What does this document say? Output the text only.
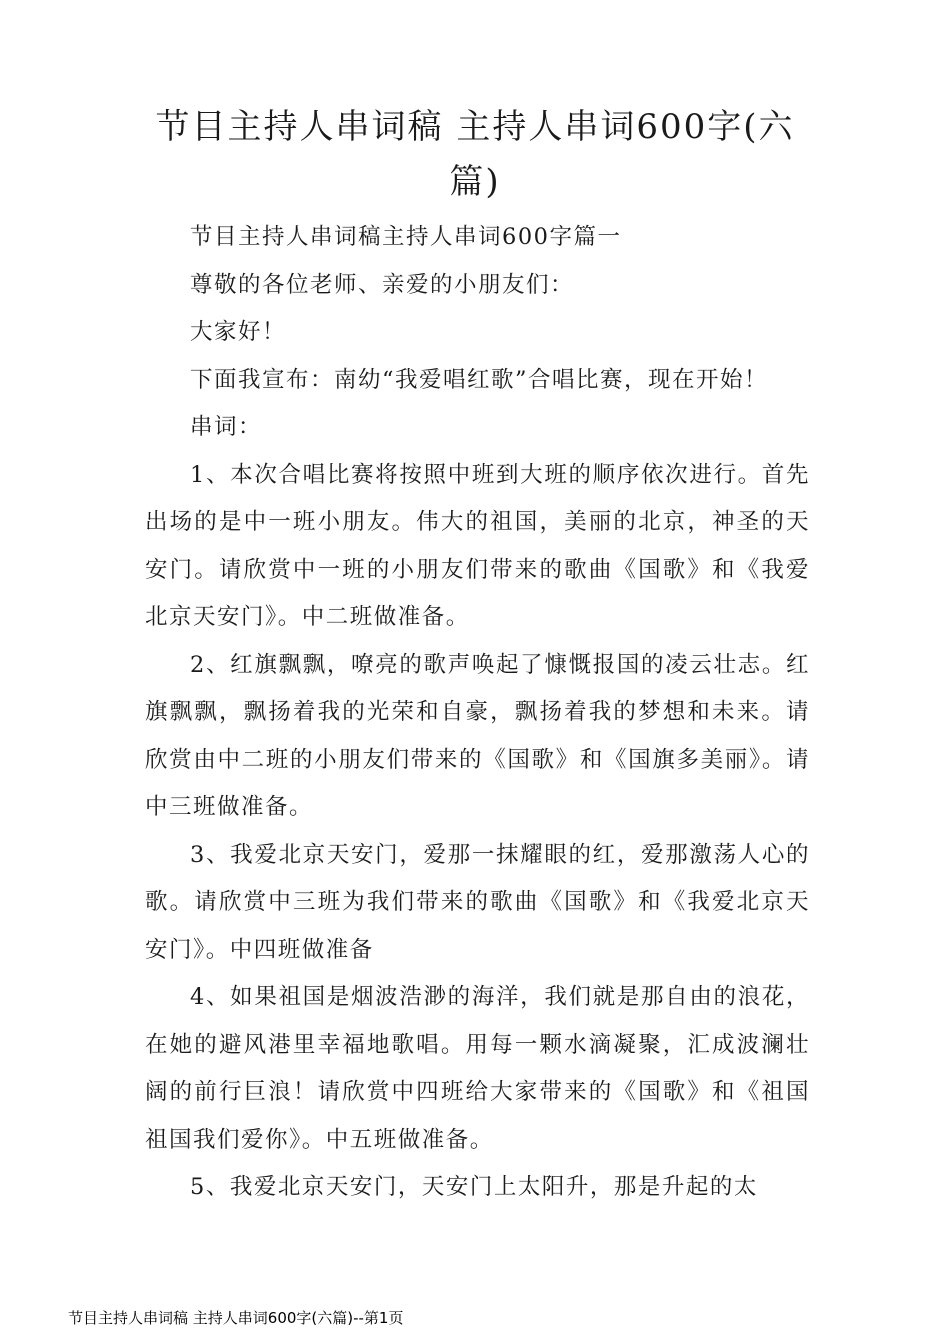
节目主持人串词稿 主持人串词600字(六篇)

节目主持人串词稿主持人串词600字篇一

尊敬的各位老师、亲爱的小朋友们：

大家好！

下面我宣布：南幼“我爱唱红歌”合唱比赛，现在开始！

串词：

1、本次合唱比赛将按照中班到大班的顺序依次进行。首先出场的是中一班小朋友。伟大的祖国，美丽的北京，神圣的天安门。请欣赏中一班的小朋友们带来的歌曲《国歌》和《我爱北京天安门》。中二班做准备。

2、红旗飘飘，嘹亮的歌声唤起了慷慨报国的凌云壮志。红旗飘飘，飘扬着我的光荣和自豪，飘扬着我的梦想和未来。请欣赏由中二班的小朋友们带来的《国歌》和《国旗多美丽》。请中三班做准备。

3、我爱北京天安门，爱那一抹耀眼的红，爱那激荡人心的歌。请欣赏中三班为我们带来的歌曲《国歌》和《我爱北京天安门》。中四班做准备

4、如果祖国是烟波浩渺的海洋，我们就是那自由的浪花，在她的避风港里幸福地歌唱。用每一颗水滴凝聚，汇成波澜壮阔的前行巨浪！请欣赏中四班给大家带来的《国歌》和《祖国祖国我们爱你》。中五班做准备。

5、我爱北京天安门，天安门上太阳升，那是升起的太

节目主持人串词稿 主持人串词600字(六篇)--第1页
